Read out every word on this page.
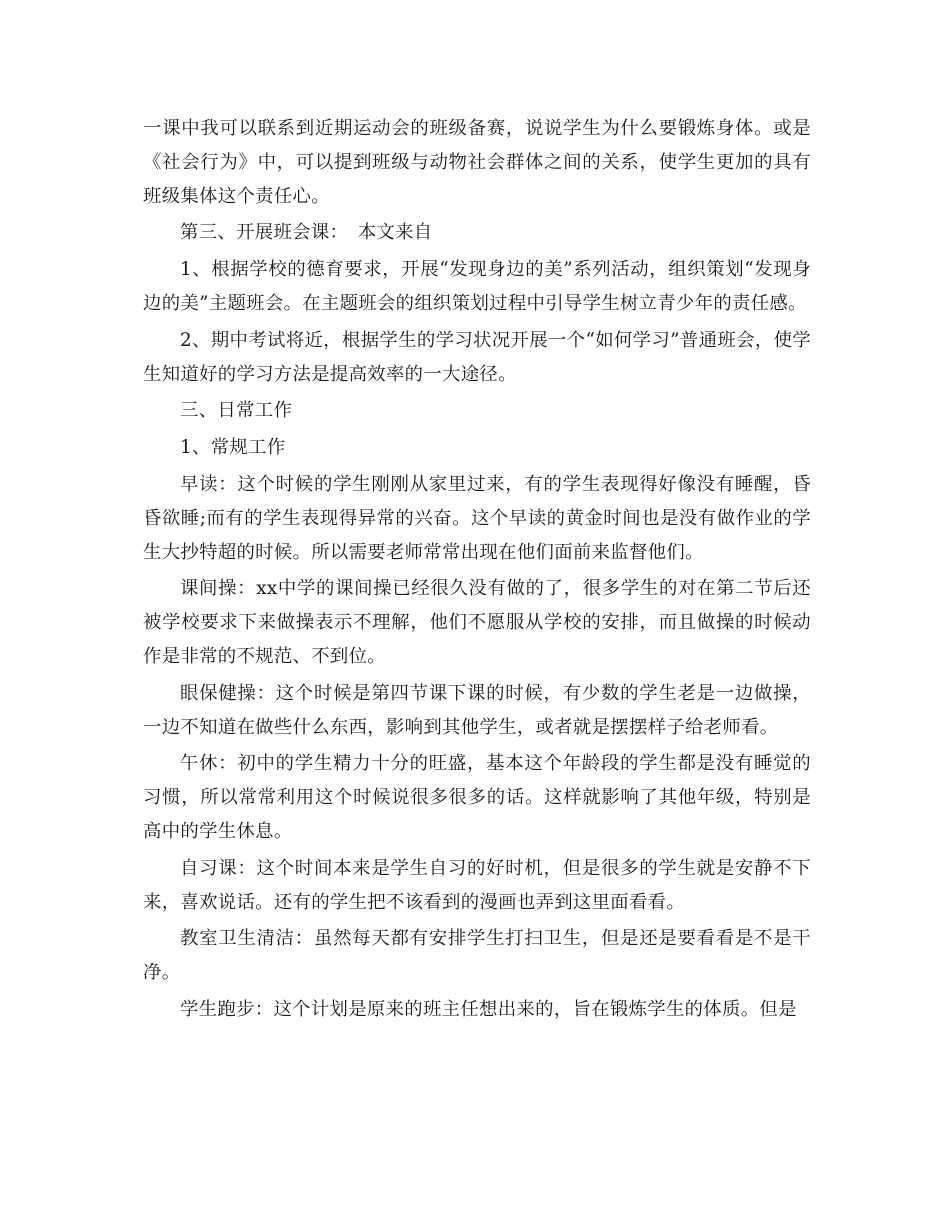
一课中我可以联系到近期运动会的班级备赛，说说学生为什么要锻炼身体。或是《社会行为》中，可以提到班级与动物社会群体之间的关系，使学生更加的具有班级集体这个责任心。

第三、开展班会课：　本文来自

1、根据学校的德育要求，开展“发现身边的美”系列活动，组织策划“发现身边的美”主题班会。在主题班会的组织策划过程中引导学生树立青少年的责任感。

2、期中考试将近，根据学生的学习状况开展一个“如何学习”普通班会，使学生知道好的学习方法是提高效率的一大途径。

三、日常工作

1、常规工作

早读：这个时候的学生刚刚从家里过来，有的学生表现得好像没有睡醒，昏昏欲睡;而有的学生表现得异常的兴奋。这个早读的黄金时间也是没有做作业的学生大抄特超的时候。所以需要老师常常出现在他们面前来监督他们。

课间操：xx中学的课间操已经很久没有做的了，很多学生的对在第二节后还被学校要求下来做操表示不理解，他们不愿服从学校的安排，而且做操的时候动作是非常的不规范、不到位。

眼保健操：这个时候是第四节课下课的时候，有少数的学生老是一边做操，一边不知道在做些什么东西，影响到其他学生，或者就是摆摆样子给老师看。

午休：初中的学生精力十分的旺盛，基本这个年龄段的学生都是没有睡觉的习惯，所以常常利用这个时候说很多很多的话。这样就影响了其他年级，特别是高中的学生休息。

自习课：这个时间本来是学生自习的好时机，但是很多的学生就是安静不下来，喜欢说话。还有的学生把不该看到的漫画也弄到这里面看看。

教室卫生清洁：虽然每天都有安排学生打扫卫生，但是还是要看看是不是干净。

学生跑步：这个计划是原来的班主任想出来的，旨在锻炼学生的体质。但是
